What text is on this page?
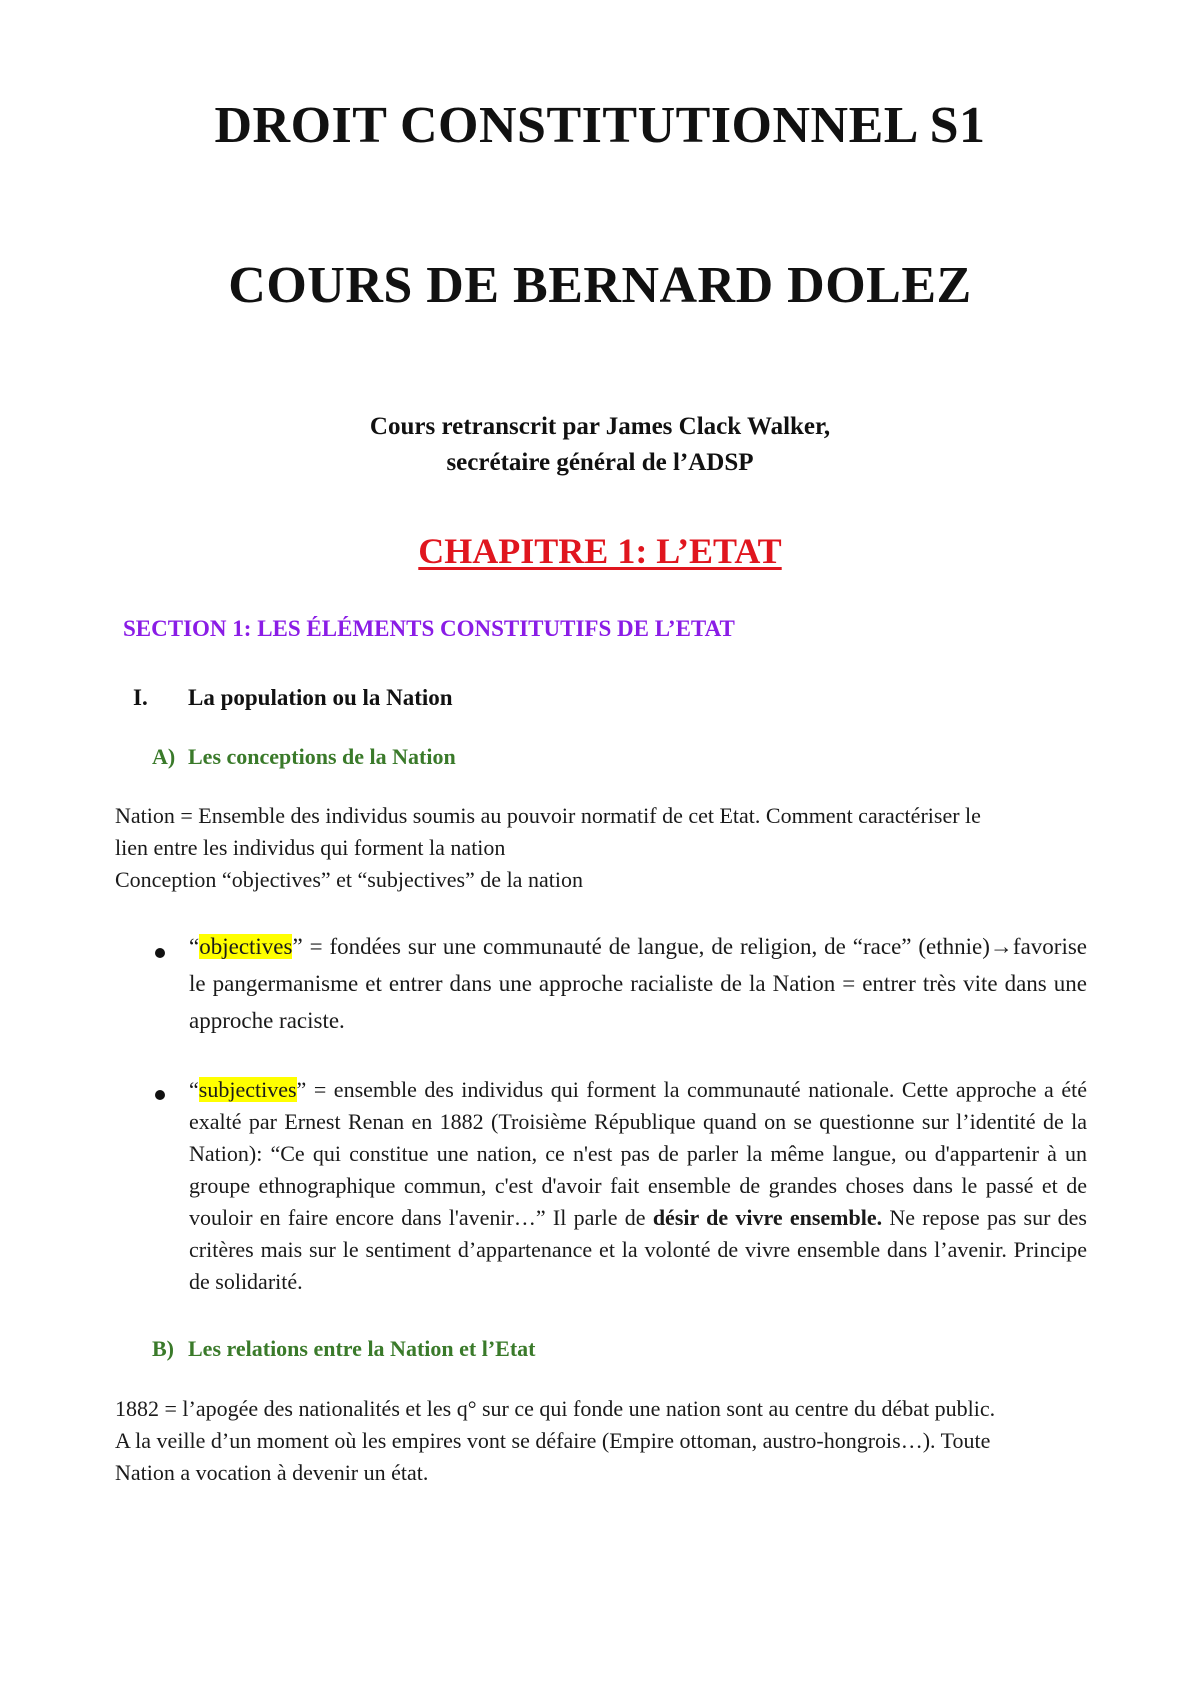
DROIT CONSTITUTIONNEL S1
COURS DE BERNARD DOLEZ
Cours retranscrit par James Clack Walker,
secrétaire général de l’ADSP
CHAPITRE 1: L’ETAT
SECTION 1: LES ÉLÉMENTS CONSTITUTIFS DE L’ETAT
I. La population ou la Nation
A) Les conceptions de la Nation
Nation = Ensemble des individus soumis au pouvoir normatif de cet Etat. Comment caractériser le
lien entre les individus qui forment la nation
Conception “objectives” et “subjectives” de la nation
“objectives” = fondées sur une communauté de langue, de religion, de “race” (ethnie)→favorise le pangermanisme et entrer dans une approche racialiste de la Nation = entrer très vite dans une approche raciste.
“subjectives” = ensemble des individus qui forment la communauté nationale. Cette approche a été exalté par Ernest Renan en 1882 (Troisième République quand on se questionne sur l’identité de la Nation): “Ce qui constitue une nation, ce n'est pas de parler la même langue, ou d'appartenir à un groupe ethnographique commun, c'est d'avoir fait ensemble de grandes choses dans le passé et de vouloir en faire encore dans l'avenir…” Il parle de désir de vivre ensemble. Ne repose pas sur des critères mais sur le sentiment d’appartenance et la volonté de vivre ensemble dans l’avenir. Principe de solidarité.
B) Les relations entre la Nation et l’Etat
1882 = l’apogée des nationalités et les q° sur ce qui fonde une nation sont au centre du débat public.
A la veille d’un moment où les empires vont se défaire (Empire ottoman, austro-hongrois…). Toute
Nation a vocation à devenir un état.
